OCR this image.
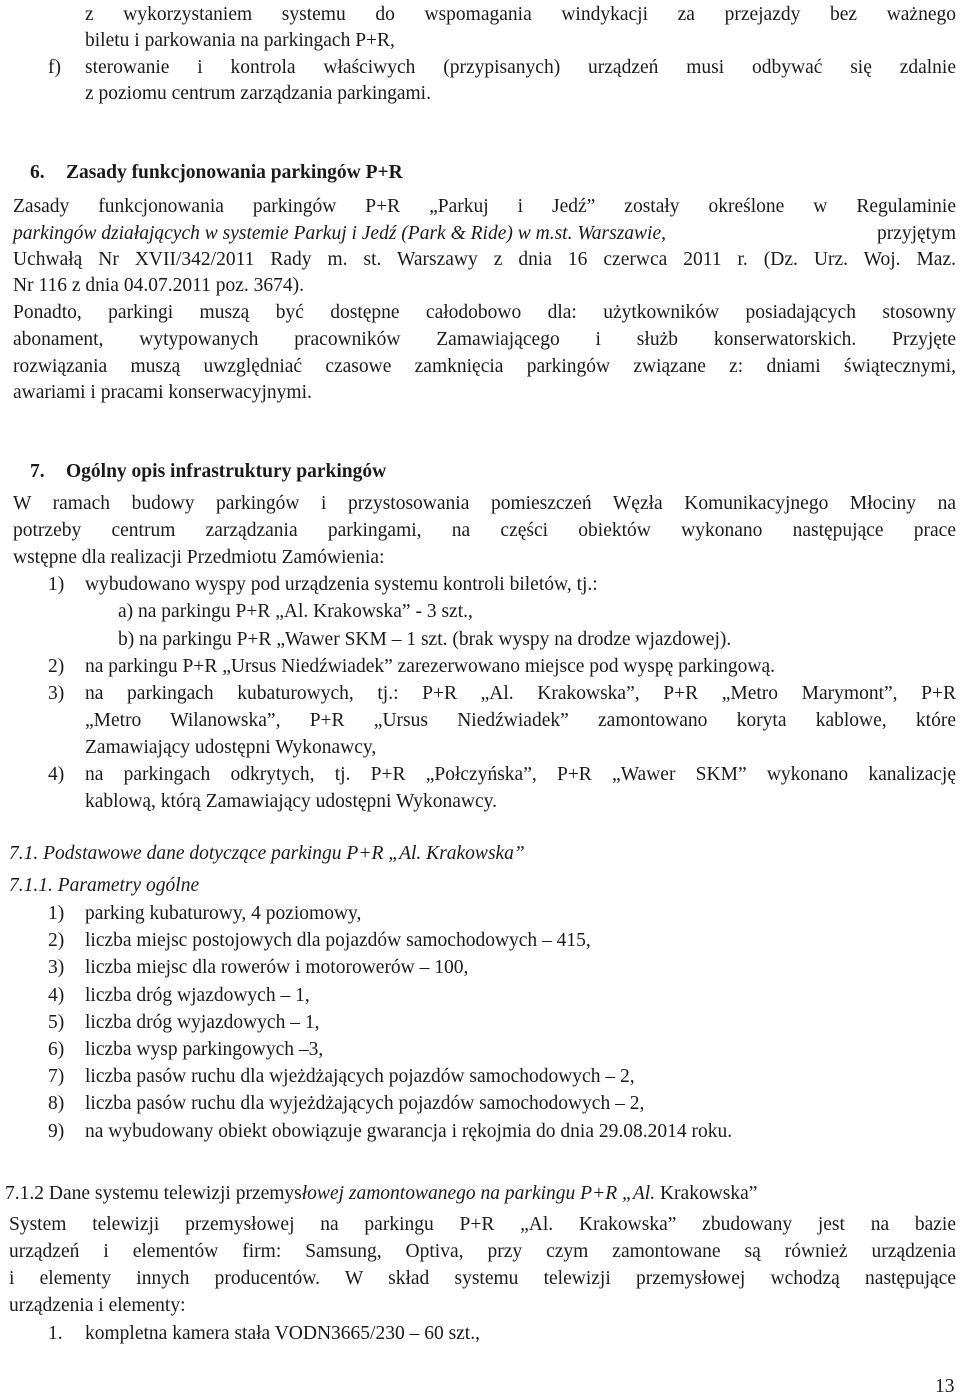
z wykorzystaniem systemu do wspomagania windykacji za przejazdy bez ważnego
biletu i parkowania na parkingach P+R,
f) sterowanie i kontrola właściwych (przypisanych) urządzeń musi odbywać się zdalnie
z poziomu centrum zarządzania parkingami.
6. Zasady funkcjonowania parkingów P+R
Zasady funkcjonowania parkingów P+R „Parkuj i Jedź” zostały określone w Regulaminie
parkingów działających w systemie Parkuj i Jedź (Park & Ride) w m.st. Warszawie,	przyjętym
Uchwałą Nr XVII/342/2011 Rady m. st. Warszawy z dnia 16 czerwca 2011 r. (Dz. Urz. Woj. Maz.
Nr 116 z dnia 04.07.2011 poz. 3674).
Ponadto, parkingi muszą być dostępne całodobowo dla: użytkowników posiadających stosowny
abonament, wytypowanych pracowników Zamawiającego i służb konserwatorskich. Przyjęte
rozwiązania muszą uwzględniać czasowe zamknięcia parkingów związane z: dniami świątecznymi,
awariami i pracami konserwacyjnymi.
7. Ogólny opis infrastruktury parkingów
W ramach budowy parkingów i przystosowania pomieszczeń Węzła Komunikacyjnego Młociny na
potrzeby centrum zarządzania parkingami, na części obiektów wykonano następujące prace
wstępne dla realizacji Przedmiotu Zamówienia:
1) wybudowano wyspy pod urządzenia systemu kontroli biletów, tj.:
a) na parkingu P+R „Al. Krakowska” - 3 szt.,
b) na parkingu P+R „Wawer SKM – 1 szt. (brak wyspy na drodze wjazdowej).
2) na parkingu P+R „Ursus Niedźwiadek” zarezerwowano miejsce pod wyspę parkingową.
3) na parkingach kubaturowych, tj.: P+R „Al. Krakowska”, P+R „Metro Marymont”, P+R
„Metro Wilanowska”, P+R „Ursus Niedźwiadek” zamontowano koryta kablowe, które
Zamawiający udostępni Wykonawcy,
4) na parkingach odkrytych, tj. P+R „Połczyńska”, P+R „Wawer SKM” wykonano kanalizację
kablową, którą Zamawiający udostępni Wykonawcy.
7.1. Podstawowe dane dotyczące parkingu P+R „Al. Krakowska”
7.1.1. Parametry ogólne
1) parking kubaturowy, 4 poziomowy,
2) liczba miejsc postojowych dla pojazdów samochodowych – 415,
3) liczba miejsc dla rowerów i motorowerów – 100,
4) liczba dróg wjazdowych – 1,
5) liczba dróg wyjazdowych – 1,
6) liczba wysp parkingowych –3,
7) liczba pasów ruchu dla wjeżdżających pojazdów samochodowych – 2,
8) liczba pasów ruchu dla wyjeżdżających pojazdów samochodowych – 2,
9) na wybudowany obiekt obowiązuje gwarancja i rękojmia do dnia 29.08.2014 roku.
7.1.2 Dane systemu telewizji przemysłowej zamontowanego na parkingu P+R „Al. Krakowska”
System telewizji przemysłowej na parkingu P+R „Al. Krakowska” zbudowany jest na bazie
urządzeń i elementów firm: Samsung, Optiva, przy czym zamontowane są również urządzenia
i elementy innych producentów. W skład systemu telewizji przemysłowej wchodzą następujące
urządzenia i elementy:
1. kompletna kamera stała VODN3665/230 – 60 szt.,
13
